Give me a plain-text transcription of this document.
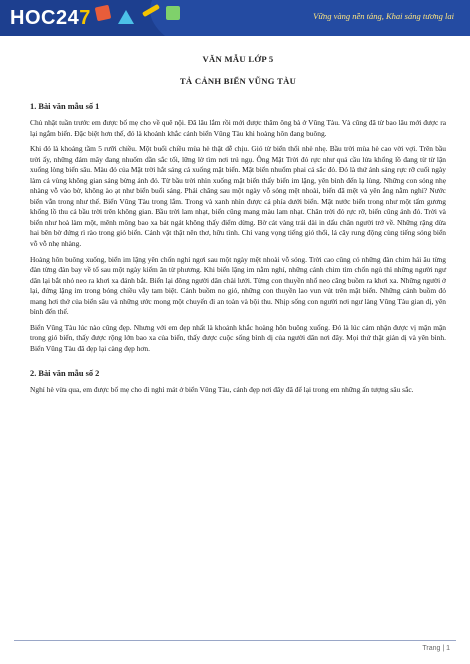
HOC24 7	Vững vàng nền tảng, Khai sáng tương lai
VĂN MẪU LỚP 5
TẢ CẢNH BIỂN VŨNG TÀU
1. Bài văn mẫu số 1

Chủ nhật tuần trước em được bố mẹ cho về quê nội. Đã lâu lắm rồi mới được thăm ông bà ở Vũng Tàu. Và cũng đã từ bao lâu mới được ra lại ngắm biển. Đặc biệt hơn thế, đó là khoảnh khắc cảnh biển Vũng Tàu khi hoàng hôn đang buông.

Khi đó là khoảng tầm 5 rưỡi chiều. Một buổi chiều mùa hè thật dễ chịu. Gió từ biển thổi nhè nhẹ. Bầu trời mùa hè cao vời vợi. Trên bầu trời ấy, những đám mây đang nhuốm dần sắc tối, lững lờ tìm nơi trú ngụ. Ông Mặt Trời đỏ rực như quả cầu lửa khổng lồ đang từ từ lặn xuống lòng biển sâu. Màu đỏ của Mặt trời hắt sáng cả xuống mặt biển. Mặt biển nhuốm phai cả sắc đỏ. Đó là thứ ánh sáng rực rỡ cuối ngày làm cả vùng không gian sáng bừng ánh đỏ. Từ bầu trời nhìn xuống mặt biển thấy biển im lặng, yên bình đến lạ lùng. Những con sóng nhẹ nhàng vỗ vào bờ, không ào ạt như biển buổi sáng. Phải chăng sau một ngày vỗ sóng mệt nhoài, biển đã mệt và yên ắng nằm nghỉ? Nước biển vẫn trong như thế. Biển Vũng Tàu trong lắm. Trong và xanh nhìn được cả phía dưới biển. Mặt nước biển trong như một tấm gương khổng lồ thu cả bầu trời trên không gian. Bầu trời lam nhạt, biển cũng mang màu lam nhạt. Chân trời đỏ rực rỡ, biển cũng ánh đỏ. Trời và biển như hoà làm một, mênh mông bao xa bát ngát không thấy điểm dừng. Bờ cát vàng trải dài in dấu chân người trở về. Những rặng dừa hai bên bờ đứng rì rào trong gió biển. Cảnh vật thật nên thơ, hữu tình. Chỉ vang vọng tiếng gió thổi, lá cây rung động cùng tiếng sóng biển vỗ vỗ nhẹ nhàng.

Hoàng hôn buông xuống, biển im lặng yên chốn nghỉ ngơi sau một ngày mệt nhoài vỗ sóng. Trời cao cũng có những đàn chim hải âu từng đàn từng đàn bay về tổ sau một ngày kiếm ăn từ phương. Khi biển lặng im nằm nghỉ, những cánh chim tìm chốn ngủ thì những người ngư dân lại bắt nhỏ neo ra khơi xa đánh bắt. Biển lại đông người dân chài lưới. Từng con thuyền nhổ neo căng buồm ra khơi xa. Những người ở lại, đứng lặng im trong bóng chiều vẫy tam biệt. Cánh buồm no gió, những con thuyền lao vun vút trên mặt biển. Những cánh buồm đỏ mang hơi thở của biển sâu và những ước mong một chuyến đi an toàn và bội thu. Nhịp sống con người nơi ngư làng Vũng Tàu gian dị, yên bình đến thế.

Biển Vũng Tàu lúc nào cũng đẹp. Nhưng với em đẹp nhất là khoảnh khắc hoàng hôn buông xuống. Đó là lúc cảm nhận được vị mặn mặn trong gió biển, thấy được rộng lớn bao xa của biển, thấy được cuộc sống bình dị của người dân nơi đây. Mọi thứ thật giản dị và yên bình. Biển Vũng Tàu đã đẹp lại càng đẹp hơn.

2. Bài văn mẫu số 2

Nghỉ hè vừa qua, em được bố mẹ cho đi nghỉ mát ở biển Vũng Tàu, cảnh đẹp nơi đây đã để lại trong em những ấn tượng sâu sắc.

Trang | 1
